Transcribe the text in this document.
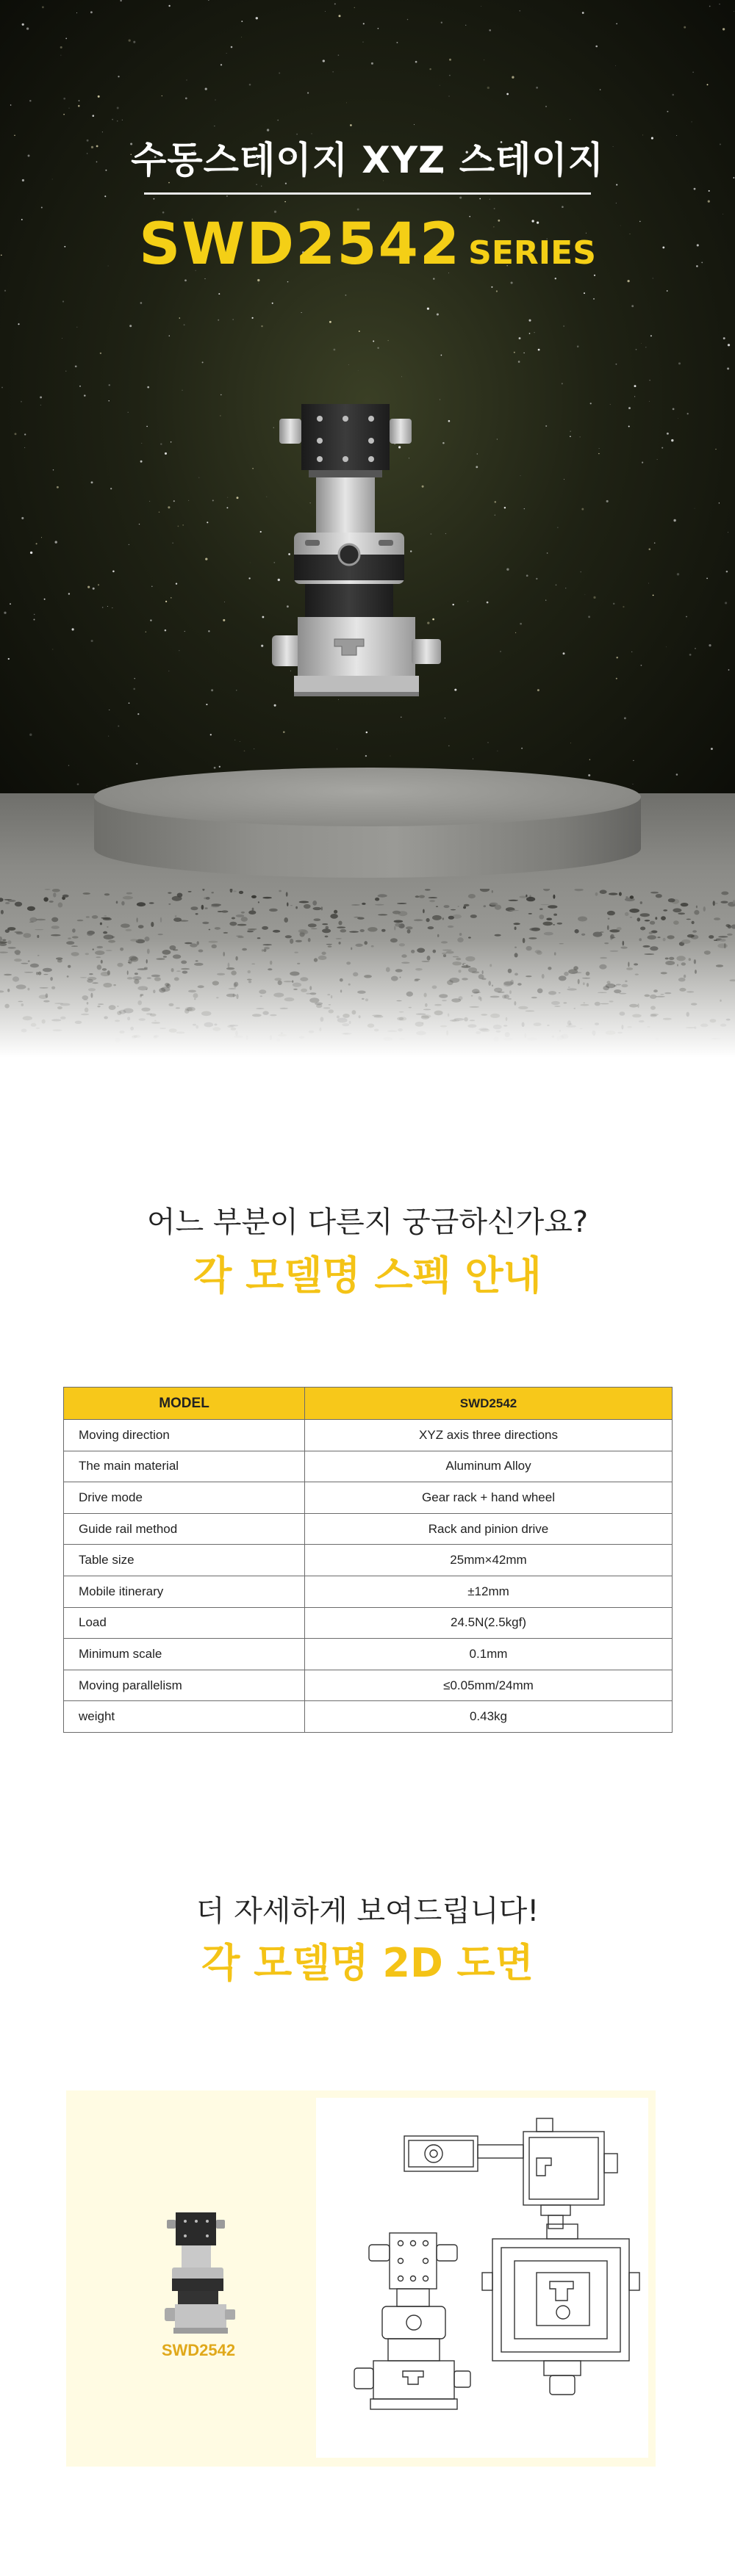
수동스테이지 XYZ 스테이지
SWD2542 SERIES
어느 부분이 다른지 궁금하신가요?
각 모델명 스펙 안내
MODEL	SWD2542
Moving direction	XYZ axis three directions
The main material	Aluminum Alloy
Drive mode	Gear rack + hand wheel
Guide rail method	Rack and pinion drive
Table size	25mm×42mm
Mobile itinerary	±12mm
Load	24.5N(2.5kgf)
Minimum scale	0.1mm
Moving parallelism	≤0.05mm/24mm
weight	0.43kg
더 자세하게 보여드립니다!
각 모델명 2D 도면
SWD2542
